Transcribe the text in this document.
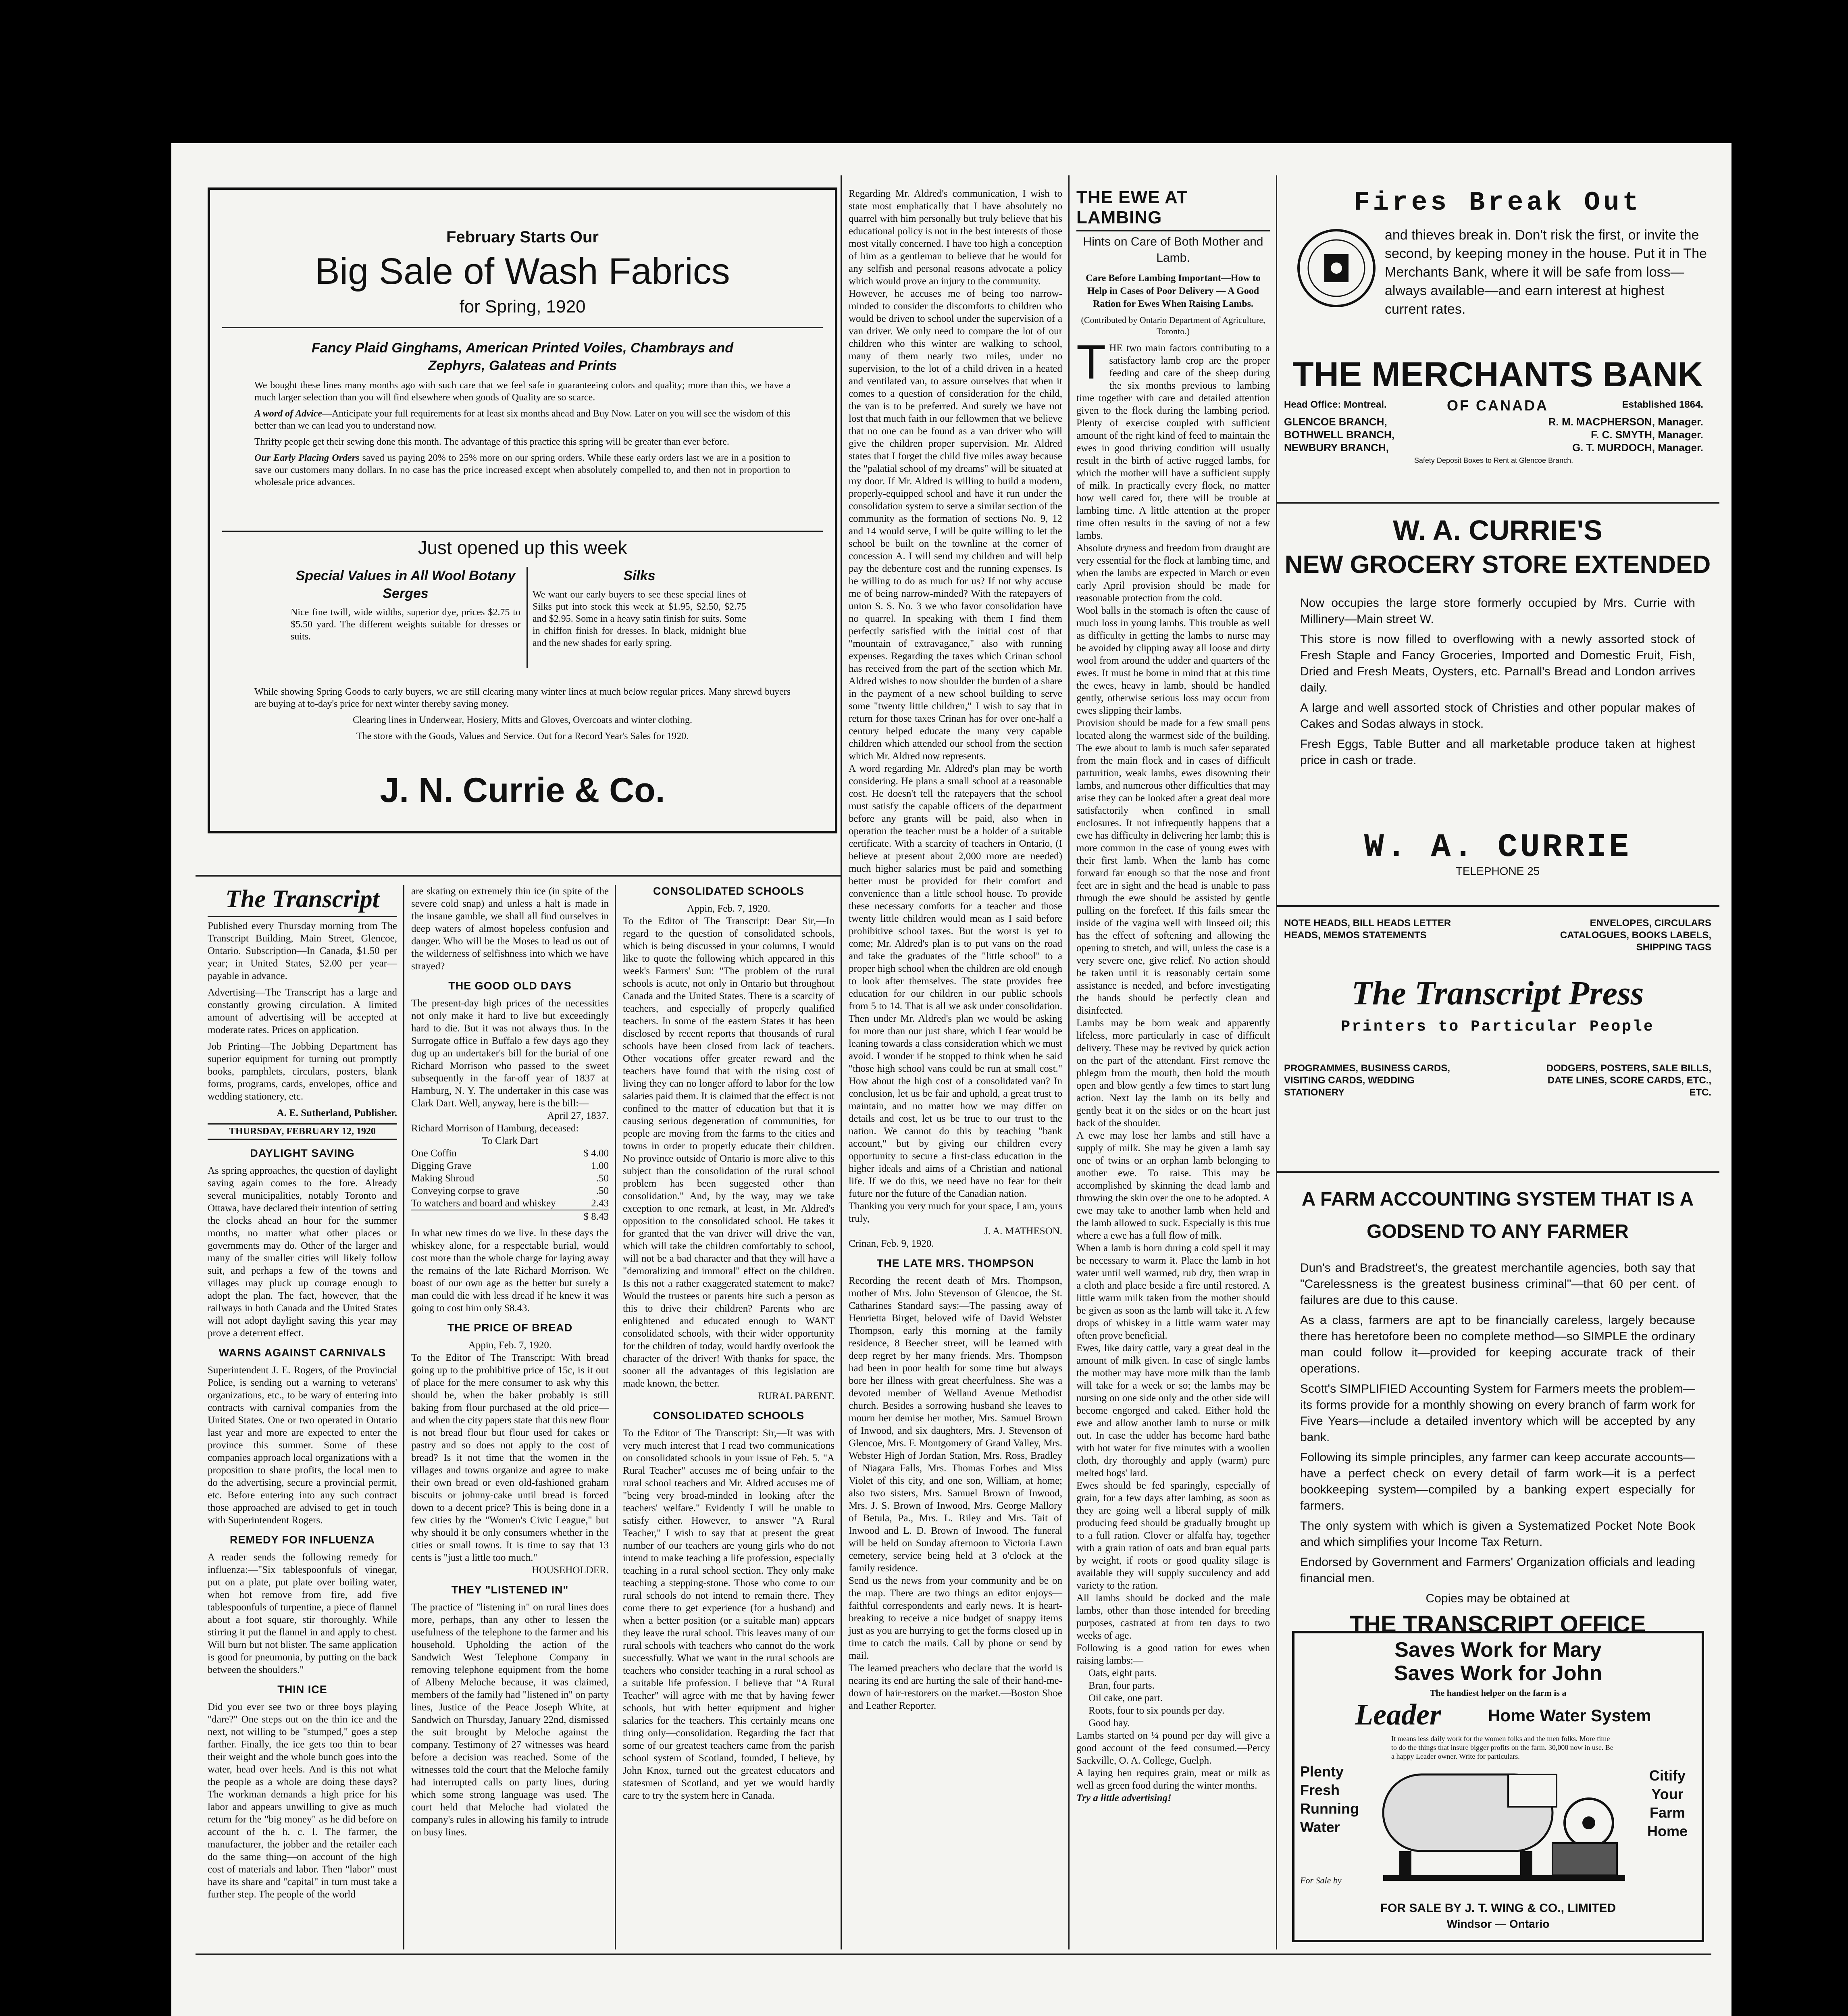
February Starts Our
Big Sale of Wash Fabrics
for Spring, 1920
Fancy Plaid Ginghams, American Printed Voiles, Chambrays and Zephyrs, Galateas and Prints

We bought these lines many months ago with such care that we feel safe in guaranteeing colors and quality; more than this, we have a much larger selection than you will find elsewhere when goods of Quality are so scarce.

A word of Advice—Anticipate your full requirements for at least six months ahead and Buy Now. Later on you will see the wisdom of this better than we can lead you to understand now.

Thrifty people get their sewing done this month. The advantage of this practice this spring will be greater than ever before.

Our Early Placing Orders saved us paying 20% to 25% more on our spring orders. While these early orders last we are in a position to save our customers many dollars. In no case has the price increased except when absolutely compelled to, and then not in proportion to wholesale price advances.

Just opened up this week
Special Values in All Wool Botany Serges
Nice fine twill, wide widths, superior dye, prices $2.75 to $5.50 yard. The different weights suitable for dresses or suits.
Silks
We want our early buyers to see these special lines of Silks put into stock this week at $1.95, $2.50, $2.75 and $2.95. Some in a heavy satin finish for suits. Some in chiffon finish for dresses. In black, midnight blue and the new shades for early spring.

While showing Spring Goods to early buyers, we are still clearing many winter lines at much below regular prices. Many shrewd buyers are buying at to-day's price for next winter thereby saving money.

Clearing lines in Underwear, Hosiery, Mitts and Gloves, Overcoats and winter clothing.

The store with the Goods, Values and Service. Out for a Record Year's Sales for 1920.

J. N. Currie & Co.
The Transcript

Published every Thursday morning from The Transcript Building, Main Street, Glencoe, Ontario. Subscription—In Canada, $1.50 per year; in United States, $2.00 per year—payable in advance.

Advertising—The Transcript has a large and constantly growing circulation. A limited amount of advertising will be accepted at moderate rates. Prices on application.

Job Printing—The Jobbing Department has superior equipment for turning out promptly books, pamphlets, circulars, posters, blank forms, programs, cards, envelopes, office and wedding stationery, etc.

A. E. Sutherland, Publisher.

THURSDAY, FEBRUARY 12, 1920
DAYLIGHT SAVING
As spring approaches, the question of daylight saving again comes to the fore. Already several municipalities, notably Toronto and Ottawa, have declared their intention of setting the clocks ahead an hour for the summer months, no matter what other places or governments may do. Other of the larger and many of the smaller cities will likely follow suit, and perhaps a few of the towns and villages may pluck up courage enough to adopt the plan. The fact, however, that the railways in both Canada and the United States will not adopt daylight saving this year may prove a deterrent effect.
WARNS AGAINST CARNIVALS
Superintendent J. E. Rogers, of the Provincial Police, is sending out a warning to veterans' organizations, etc., to be wary of entering into contracts with carnival companies from the United States. One or two operated in Ontario last year and more are expected to enter the province this summer. Some of these companies approach local organizations with a proposition to share profits, the local men to do the advertising, secure a provincial permit, etc. Before entering into any such contract those approached are advised to get in touch with Superintendent Rogers.
REMEDY FOR INFLUENZA
A reader sends the following remedy for influenza:—"Six tablespoonfuls of vinegar, put on a plate, put plate over boiling water, when hot remove from fire, add five tablespoonfuls of turpentine, a piece of flannel about a foot square, stir thoroughly. While stirring it put the flannel in and apply to chest. Will burn but not blister. The same application is good for pneumonia, by putting on the back between the shoulders."
THIN ICE
Did you ever see two or three boys playing "dare?" One steps out on the thin ice and the next, not willing to be "stumped," goes a step farther. Finally, the ice gets too thin to bear their weight and the whole bunch goes into the water, head over heels. And is this not what the people as a whole are doing these days? The workman demands a high price for his labor and appears unwilling to give as much return for the "big money" as he did before on account of the h. c. l. The farmer, the manufacturer, the jobber and the retailer each do the same thing—on account of the high cost of materials and labor. Then "labor" must have its share and "capital" in turn must take a further step. The people of the world
are skating on extremely thin ice (in spite of the severe cold snap) and unless a halt is made in the insane gamble, we shall all find ourselves in deep waters of almost hopeless confusion and danger. Who will be the Moses to lead us out of the wilderness of selfishness into which we have strayed?
THE GOOD OLD DAYS
The present-day high prices of the necessities not only make it hard to live but exceedingly hard to die. But it was not always thus. In the Surrogate office in Buffalo a few days ago they dug up an undertaker's bill for the burial of one Richard Morrison who passed to the sweet subsequently in the far-off year of 1837 at Hamburg, N. Y. The undertaker in this case was Clark Dart. Well, anyway, here is the bill:—
April 27, 1837.
Richard Morrison of Hamburg, deceased:
To Clark Dart
One Coffin	$ 4.00
Digging Grave	1.00
Making Shroud	.50
Conveying corpse to grave	.50
To watchers and board and whiskey	2.43
$ 8.43
In what new times do we live. In these days the whiskey alone, for a respectable burial, would cost more than the whole charge for laying away the remains of the late Richard Morrison. We boast of our own age as the better but surely a man could die with less dread if he knew it was going to cost him only $8.43.
THE PRICE OF BREAD
Appin, Feb. 7, 1920.
To the Editor of The Transcript: With bread going up to the prohibitive price of 15c, is it out of place for the mere consumer to ask why this should be, when the baker probably is still baking from flour purchased at the old price—and when the city papers state that this new flour is not bread flour but flour used for cakes or pastry and so does not apply to the cost of bread? Is it not time that the women in the villages and towns organize and agree to make their own bread or even old-fashioned graham biscuits or johnny-cake until bread is forced down to a decent price? This is being done in a few cities by the "Women's Civic League," but why should it be only consumers whether in the cities or small towns. It is time to say that 13 cents is "just a little too much."
HOUSEHOLDER.
THEY "LISTENED IN"
The practice of "listening in" on rural lines does more, perhaps, than any other to lessen the usefulness of the telephone to the farmer and his household. Upholding the action of the Sandwich West Telephone Company in removing telephone equipment from the home of Albeny Meloche because, it was claimed, members of the family had "listened in" on party lines, Justice of the Peace Joseph White, at Sandwich on Thursday, January 22nd, dismissed the suit brought by Meloche against the company. Testimony of 27 witnesses was heard before a decision was reached. Some of the witnesses told the court that the Meloche family had interrupted calls on party lines, during which some strong language was used. The court held that Meloche had violated the company's rules in allowing his family to intrude on busy lines.
CONSOLIDATED SCHOOLS
Appin, Feb. 7, 1920.
To the Editor of The Transcript: Dear Sir,—In regard to the question of consolidated schools, which is being discussed in your columns, I would like to quote the following which appeared in this week's Farmers' Sun: "The problem of the rural schools is acute, not only in Ontario but throughout Canada and the United States. There is a scarcity of teachers, and especially of properly qualified teachers. In some of the eastern States it has been disclosed by recent reports that thousands of rural schools have been closed from lack of teachers. Other vocations offer greater reward and the teachers have found that with the rising cost of living they can no longer afford to labor for the low salaries paid them. It is claimed that the effect is not confined to the matter of education but that it is causing serious degeneration of communities, for people are moving from the farms to the cities and towns in order to properly educate their children. No province outside of Ontario is more alive to this subject than the consolidation of the rural school problem has been suggested other than consolidation." And, by the way, may we take exception to one remark, at least, in Mr. Aldred's opposition to the consolidated school. He takes it for granted that the van driver will drive the van, which will take the children comfortably to school, will not be a bad character and that they will have a "demoralizing and immoral" effect on the children. Is this not a rather exaggerated statement to make? Would the trustees or parents hire such a person as this to drive their children? Parents who are enlightened and educated enough to WANT consolidated schools, with their wider opportunity for the children of today, would hardly overlook the character of the driver! With thanks for space, the sooner all the advantages of this legislation are made known, the better.
RURAL PARENT.
CONSOLIDATED SCHOOLS
To the Editor of The Transcript: Sir,—It was with very much interest that I read two communications on consolidated schools in your issue of Feb. 5. "A Rural Teacher" accuses me of being unfair to the rural school teachers and Mr. Aldred accuses me of "being very broad-minded in looking after the teachers' welfare." Evidently I will be unable to satisfy either. However, to answer "A Rural Teacher," I wish to say that at present the great number of our teachers are young girls who do not intend to make teaching a life profession, especially teaching in a rural school section. They only make teaching a stepping-stone. Those who come to our rural schools do not intend to remain there. They come there to get experience (for a husband) and when a better position (or a suitable man) appears they leave the rural school. This leaves many of our rural schools with teachers who cannot do the work successfully. What we want in the rural schools are teachers who consider teaching in a rural school as a suitable life profession. I believe that "A Rural Teacher" will agree with me that by having fewer schools, but with better equipment and higher salaries for the teachers. This certainly means one thing only—consolidation. Regarding the fact that some of our greatest teachers came from the parish school system of Scotland, founded, I believe, by John Knox, turned out the greatest educators and statesmen of Scotland, and yet we would hardly care to try the system here in Canada.
Regarding Mr. Aldred's communication, I wish to state most emphatically that I have absolutely no quarrel with him personally but truly believe that his educational policy is not in the best interests of those most vitally concerned. I have too high a conception of him as a gentleman to believe that he would for any selfish and personal reasons advocate a policy which would prove an injury to the community.
However, he accuses me of being too narrow-minded to consider the discomforts to children who would be driven to school under the supervision of a van driver. We only need to compare the lot of our children who this winter are walking to school, many of them nearly two miles, under no supervision, to the lot of a child driven in a heated and ventilated van, to assure ourselves that when it comes to a question of consideration for the child, the van is to be preferred. And surely we have not lost that much faith in our fellowmen that we believe that no one can be found as a van driver who will give the children proper supervision. Mr. Aldred states that I forget the child five miles away because the "palatial school of my dreams" will be situated at my door. If Mr. Aldred is willing to build a modern, properly-equipped school and have it run under the consolidation system to serve a similar section of the community as the formation of sections No. 9, 12 and 14 would serve, I will be quite willing to let the school be built on the townline at the corner of concession A. I will send my children and will help pay the debenture cost and the running expenses. Is he willing to do as much for us? If not why accuse me of being narrow-minded? With the ratepayers of union S. S. No. 3 we who favor consolidation have no quarrel. In speaking with them I find them perfectly satisfied with the initial cost of that "mountain of extravagance," also with running expenses. Regarding the taxes which Crinan school has received from the part of the section which Mr. Aldred wishes to now shoulder the burden of a share in the payment of a new school building to serve some "twenty little children," I wish to say that in return for those taxes Crinan has for over one-half a century helped educate the many very capable children which attended our school from the section which Mr. Aldred now represents.
A word regarding Mr. Aldred's plan may be worth considering. He plans a small school at a reasonable cost. He doesn't tell the ratepayers that the school must satisfy the capable officers of the department before any grants will be paid, also when in operation the teacher must be a holder of a suitable certificate. With a scarcity of teachers in Ontario, (I believe at present about 2,000 more are needed) much higher salaries must be paid and something better must be provided for their comfort and convenience than a little school house. To provide these necessary comforts for a teacher and those twenty little children would mean as I said before prohibitive school taxes. But the worst is yet to come; Mr. Aldred's plan is to put vans on the road and take the graduates of the "little school" to a proper high school when the children are old enough to look after themselves. The state provides free education for our children in our public schools from 5 to 14. That is all we ask under consolidation. Then under Mr. Aldred's plan we would be asking for more than our just share, which I fear would be leaning towards a class consideration which we must avoid. I wonder if he stopped to think when he said "those high school vans could be run at small cost." How about the high cost of a consolidated van? In conclusion, let us be fair and uphold, a great trust to maintain, and no matter how we may differ on details and cost, let us be true to our trust to the nation. We cannot do this by teaching "bank account," but by giving our children every opportunity to secure a first-class education in the higher ideals and aims of a Christian and national life. If we do this, we need have no fear for their future nor the future of the Canadian nation.
Thanking you very much for your space, I am, yours truly,
J. A. MATHESON.
Crinan, Feb. 9, 1920.
THE LATE MRS. THOMPSON
Recording the recent death of Mrs. Thompson, mother of Mrs. John Stevenson of Glencoe, the St. Catharines Standard says:—The passing away of Henrietta Birget, beloved wife of David Webster Thompson, early this morning at the family residence, 8 Beecher street, will be learned with deep regret by her many friends. Mrs. Thompson had been in poor health for some time but always bore her illness with great cheerfulness. She was a devoted member of Welland Avenue Methodist church. Besides a sorrowing husband she leaves to mourn her demise her mother, Mrs. Samuel Brown of Inwood, and six daughters, Mrs. J. Stevenson of Glencoe, Mrs. F. Montgomery of Grand Valley, Mrs. Webster High of Jordan Station, Mrs. Ross, Bradley of Niagara Falls, Mrs. Thomas Forbes and Miss Violet of this city, and one son, William, at home; also two sisters, Mrs. Samuel Brown of Inwood, Mrs. J. S. Brown of Inwood, Mrs. George Mallory of Betula, Pa., Mrs. L. Riley and Mrs. Tait of Inwood and L. D. Brown of Inwood. The funeral will be held on Sunday afternoon to Victoria Lawn cemetery, service being held at 3 o'clock at the family residence.
Send us the news from your community and be on the map. There are two things an editor enjoys—faithful correspondents and early news. It is heart-breaking to receive a nice budget of snappy items just as you are hurrying to get the forms closed up in time to catch the mails. Call by phone or send by mail.
The learned preachers who declare that the world is nearing its end are hurting the sale of their hand-me-down of hair-restorers on the market.—Boston Shoe and Leather Reporter.
THE EWE AT LAMBING
Hints on Care of Both Mother and Lamb.
Care Before Lambing Important—How to Help in Cases of Poor Delivery — A Good Ration for Ewes When Raising Lambs.
(Contributed by Ontario Department of Agriculture, Toronto.)
THE two main factors contributing to a satisfactory lamb crop are the proper feeding and care of the sheep during the six months previous to lambing time together with care and detailed attention given to the flock during the lambing period. Plenty of exercise coupled with sufficient amount of the right kind of feed to maintain the ewes in good thriving condition will usually result in the birth of active rugged lambs, for which the mother will have a sufficient supply of milk. In practically every flock, no matter how well cared for, there will be trouble at lambing time. A little attention at the proper time often results in the saving of not a few lambs.
Absolute dryness and freedom from draught are very essential for the flock at lambing time, and when the lambs are expected in March or even early April provision should be made for reasonable protection from the cold.
Wool balls in the stomach is often the cause of much loss in young lambs. This trouble as well as difficulty in getting the lambs to nurse may be avoided by clipping away all loose and dirty wool from around the udder and quarters of the ewes. It must be borne in mind that at this time the ewes, heavy in lamb, should be handled gently, otherwise serious loss may occur from ewes slipping their lambs.
Provision should be made for a few small pens located along the warmest side of the building. The ewe about to lamb is much safer separated from the main flock and in cases of difficult parturition, weak lambs, ewes disowning their lambs, and numerous other difficulties that may arise they can be looked after a great deal more satisfactorily when confined in small enclosures. It not infrequently happens that a ewe has difficulty in delivering her lamb; this is more common in the case of young ewes with their first lamb. When the lamb has come forward far enough so that the nose and front feet are in sight and the head is unable to pass through the ewe should be assisted by gentle pulling on the forefeet. If this fails smear the inside of the vagina well with linseed oil; this has the effect of softening and allowing the opening to stretch, and will, unless the case is a very severe one, give relief. No action should be taken until it is reasonably certain some assistance is needed, and before investigating the hands should be perfectly clean and disinfected.
Lambs may be born weak and apparently lifeless, more particularly in case of difficult delivery. These may be revived by quick action on the part of the attendant. First remove the phlegm from the mouth, then hold the mouth open and blow gently a few times to start lung action. Next lay the lamb on its belly and gently beat it on the sides or on the heart just back of the shoulder.
A ewe may lose her lambs and still have a supply of milk. She may be given a lamb say one of twins or an orphan lamb belonging to another ewe. To raise. This may be accomplished by skinning the dead lamb and throwing the skin over the one to be adopted. A ewe may take to another lamb when held and the lamb allowed to suck. Especially is this true where a ewe has a full flow of milk.
When a lamb is born during a cold spell it may be necessary to warm it. Place the lamb in hot water until well warmed, rub dry, then wrap in a cloth and place beside a fire until restored. A little warm milk taken from the mother should be given as soon as the lamb will take it. A few drops of whiskey in a little warm water may often prove beneficial.
Ewes, like dairy cattle, vary a great deal in the amount of milk given. In case of single lambs the mother may have more milk than the lamb will take for a week or so; the lambs may be nursing on one side only and the other side will become engorged and caked. Either hold the ewe and allow another lamb to nurse or milk out. In case the udder has become hard bathe with hot water for five minutes with a woollen cloth, dry thoroughly and apply (warm) pure melted hogs' lard.
Ewes should be fed sparingly, especially of grain, for a few days after lambing, as soon as they are going well a liberal supply of milk producing feed should be gradually brought up to a full ration. Clover or alfalfa hay, together with a grain ration of oats and bran equal parts by weight, if roots or good quality silage is available they will supply succulency and add variety to the ration.
All lambs should be docked and the male lambs, other than those intended for breeding purposes, castrated at from ten days to two weeks of age.
Following is a good ration for ewes when raising lambs:—
Oats, eight parts.
Bran, four parts.
Oil cake, one part.
Roots, four to six pounds per day.
Good hay.
Lambs started on ¼ pound per day will give a good account of the feed consumed.—Percy Sackville, O. A. College, Guelph.
A laying hen requires grain, meat or milk as well as green food during the winter months.
Try a little advertising!
Fires Break Out
and thieves break in. Don't risk the first, or invite the second, by keeping money in the house. Put it in The Merchants Bank, where it will be safe from loss—always available—and earn interest at highest current rates.
THE MERCHANTS BANK
OF CANADA
Head Office: Montreal.	Established 1864.
GLENCOE BRANCH,	R. M. MACPHERSON, Manager.
BOTHWELL BRANCH,	F. C. SMYTH, Manager.
NEWBURY BRANCH,	G. T. MURDOCH, Manager.
Safety Deposit Boxes to Rent at Glencoe Branch.
W. A. CURRIE'S
NEW GROCERY STORE EXTENDED

Now occupies the large store formerly occupied by Mrs. Currie with Millinery—Main street W.

This store is now filled to overflowing with a newly assorted stock of Fresh Staple and Fancy Groceries, Imported and Domestic Fruit, Fish, Dried and Fresh Meats, Oysters, etc. Parnall's Bread and London arrives daily.

A large and well assorted stock of Christies and other popular makes of Cakes and Sodas always in stock.

Fresh Eggs, Table Butter and all marketable produce taken at highest price in cash or trade.

W. A. CURRIE
TELEPHONE 25
NOTE HEADS, BILL HEADS LETTER HEADS, MEMOS STATEMENTS
ENVELOPES, CIRCULARS CATALOGUES, BOOKS LABELS, SHIPPING TAGS
The Transcript Press
Printers to Particular People
PROGRAMMES, BUSINESS CARDS, VISITING CARDS, WEDDING STATIONERY
DODGERS, POSTERS, SALE BILLS, DATE LINES, SCORE CARDS, ETC., ETC.
A FARM ACCOUNTING SYSTEM THAT IS A GODSEND TO ANY FARMER

Dun's and Bradstreet's, the greatest merchantile agencies, both say that "Carelessness is the greatest business criminal"—that 60 per cent. of failures are due to this cause.

As a class, farmers are apt to be financially careless, largely because there has heretofore been no complete method—so SIMPLE the ordinary man could follow it—provided for keeping accurate track of their operations.

Scott's SIMPLIFIED Accounting System for Farmers meets the problem—its forms provide for a monthly showing on every branch of farm work for Five Years—include a detailed inventory which will be accepted by any bank.

Following its simple principles, any farmer can keep accurate accounts—have a perfect check on every detail of farm work—it is a perfect bookkeeping system—compiled by a banking expert especially for farmers.

The only system with which is given a Systematized Pocket Note Book and which simplifies your Income Tax Return.

Endorsed by Government and Farmers' Organization officials and leading financial men.

Copies may be obtained at

THE TRANSCRIPT OFFICE
Saves Work for Mary
Saves Work for John
The handiest helper on the farm is a
Leader	Home Water System
It means less daily work for the women folks and the men folks. More time to do the things that insure bigger profits on the farm. 30,000 now in use. Be a happy Leader owner. Write for particulars.
Plenty Fresh Running Water
Citify Your Farm Home
For Sale by
FOR SALE BY J. T. WING & CO., LIMITED
Windsor — Ontario
